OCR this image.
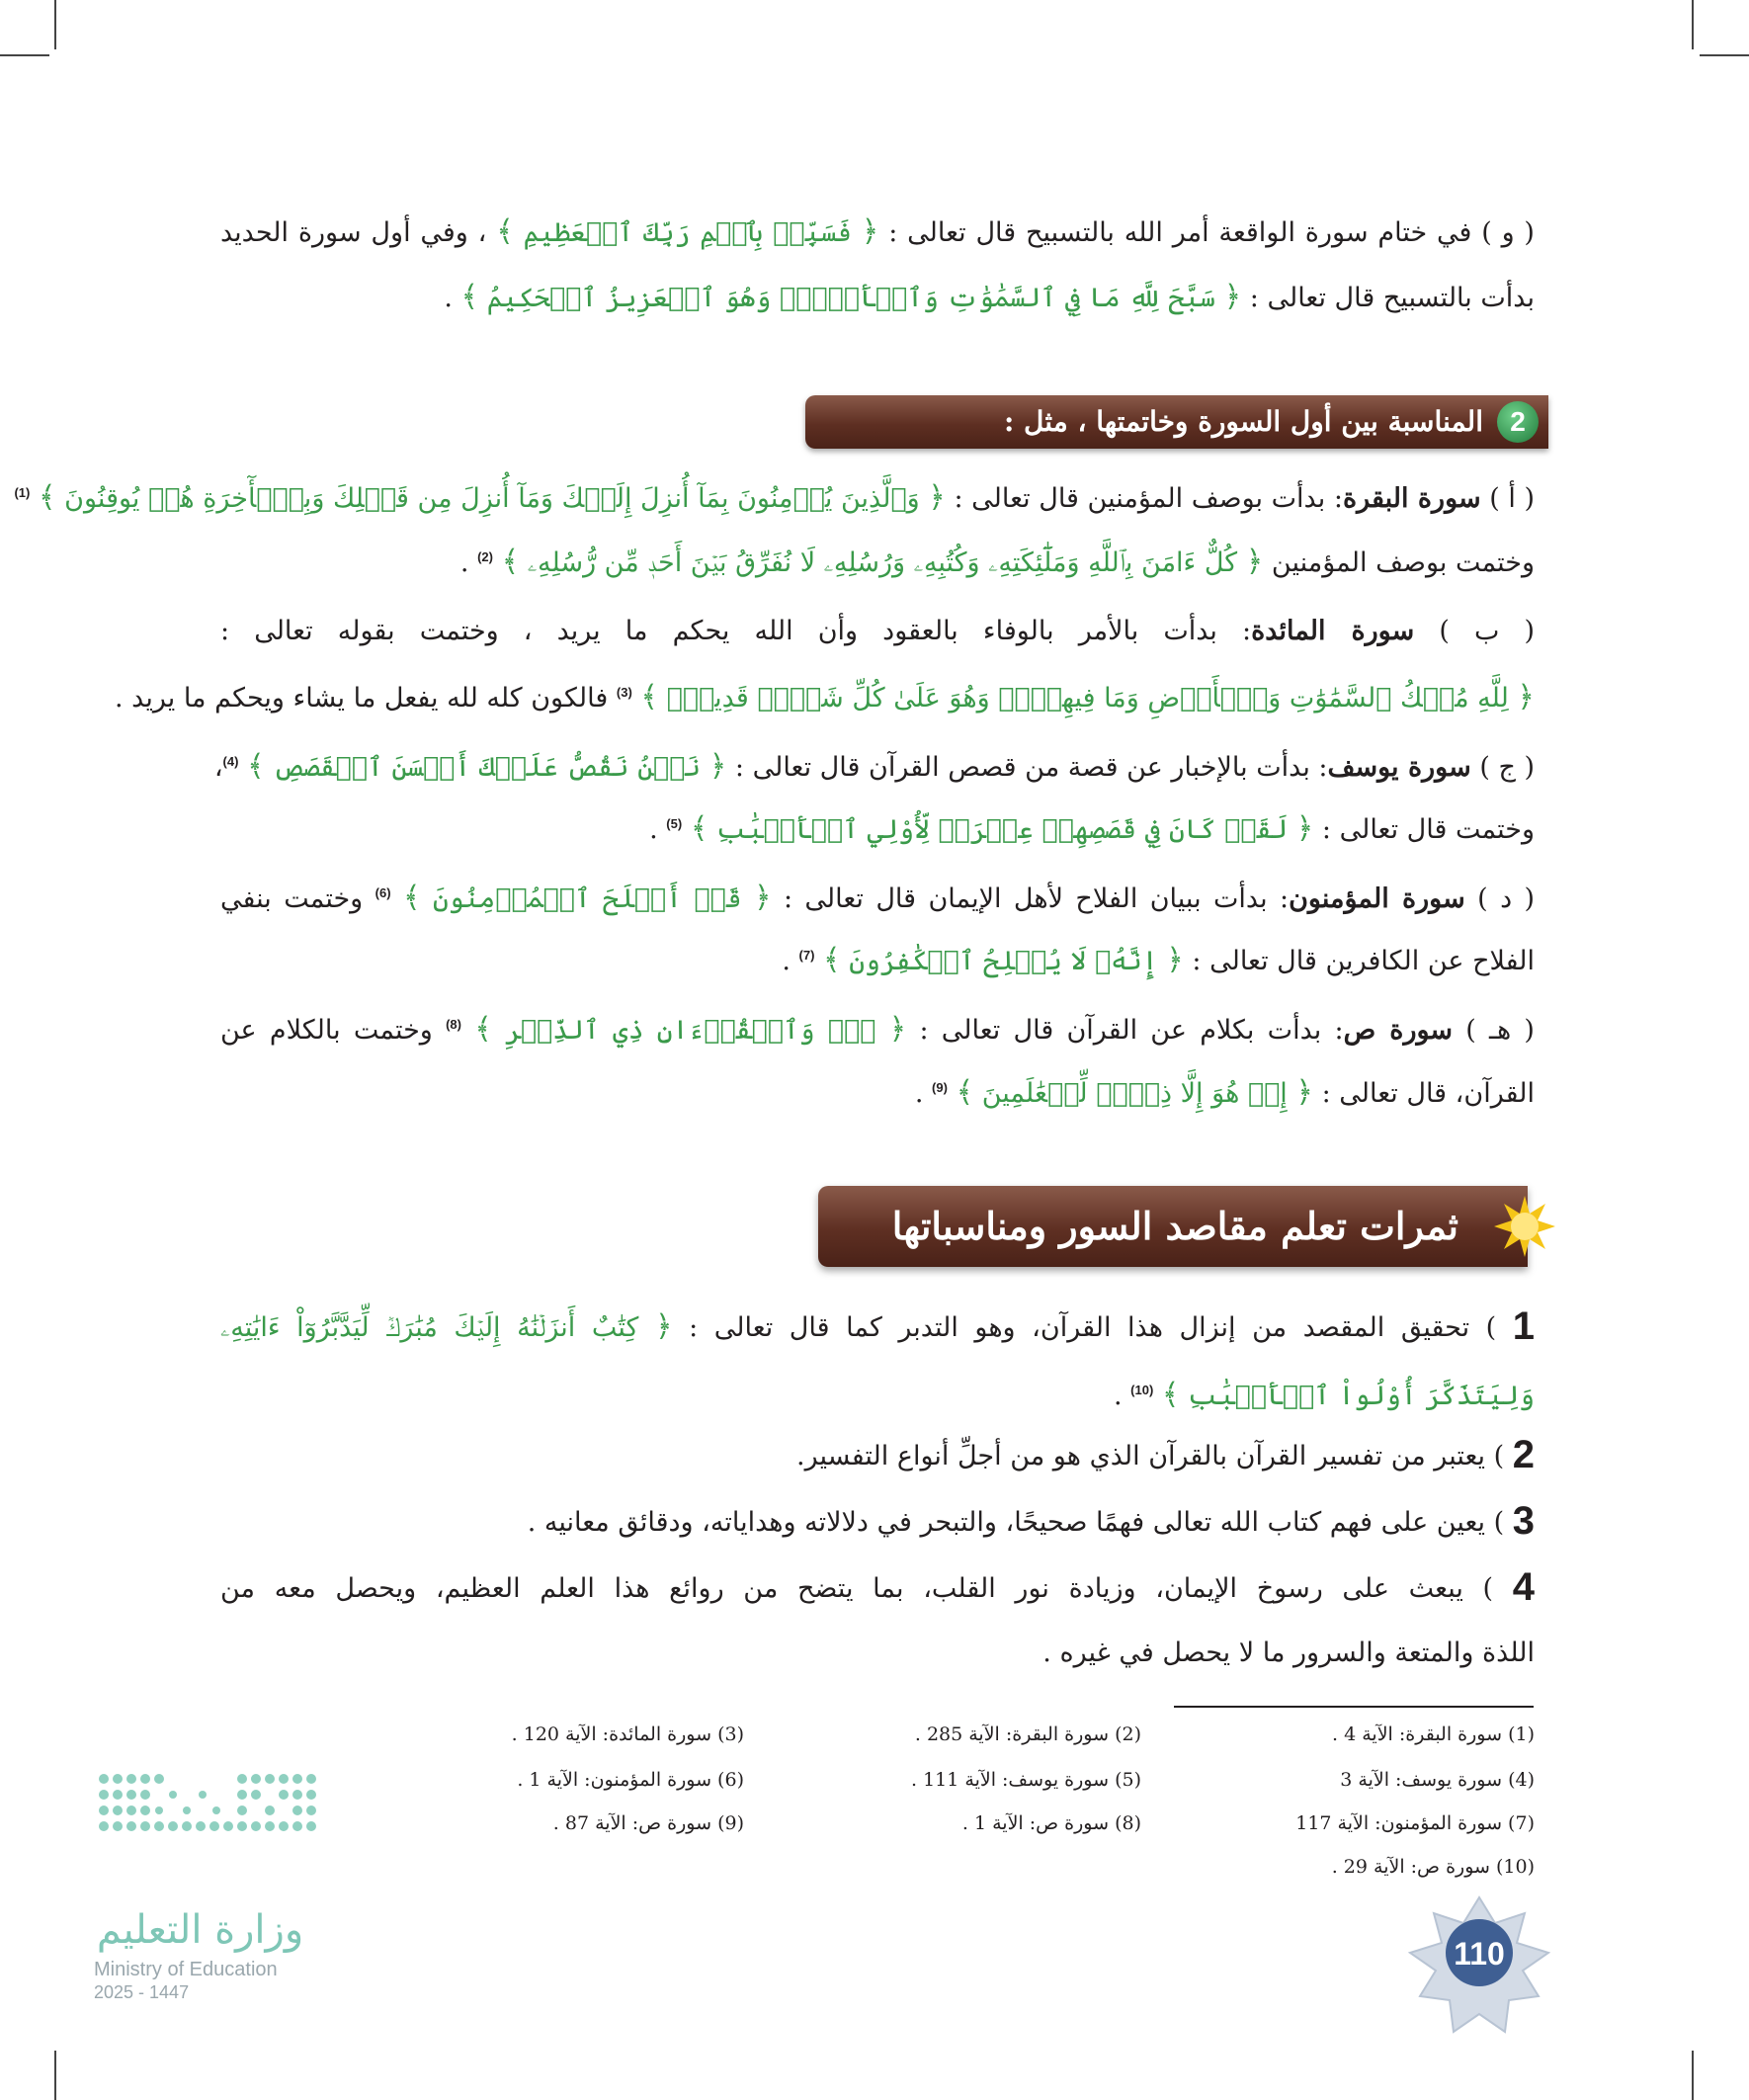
( و ) في ختام سورة الواقعة أمر الله بالتسبيح قال تعالى : ﴿ فَسَبِّحۡ بِٱسۡمِ رَبِّكَ ٱلۡعَظِيمِ ﴾ ، وفي أول سورة الحديد
بدأت بالتسبيح قال تعالى : ﴿ سَبَّحَ لِلَّهِ مَا فِي ٱلسَّمَٰوَٰتِ وَٱلۡأَرۡضِۖ وَهُوَ ٱلۡعَزِيزُ ٱلۡحَكِيمُ ﴾ .
2
المناسبة بين أول السورة وخاتمتها ، مثل :
( أ ) سورة البقرة: بدأت بوصف المؤمنين قال تعالى : ﴿ وَٱلَّذِينَ يُؤۡمِنُونَ بِمَآ أُنزِلَ إِلَيۡكَ وَمَآ أُنزِلَ مِن قَبۡلِكَ وَبِٱلۡأٓخِرَةِ هُمۡ يُوقِنُونَ ﴾ $^{(1)}$
وختمت بوصف المؤمنين ﴿ كُلٌّ ءَامَنَ بِٱللَّهِ وَمَلَٰٓئِكَتِهِۦ وَكُتُبِهِۦ وَرُسُلِهِۦ لَا نُفَرِّقُ بَيۡنَ أَحَدٖ مِّن رُّسُلِهِۦ ﴾ $^{(2)}$ .
( ب ) سورة المائدة: بدأت بالأمر بالوفاء بالعقود وأن الله يحكم ما يريد ، وختمت بقوله تعالى :
﴿ لِلَّهِ مُلۡكُ ٱلسَّمَٰوَٰتِ وَٱلۡأَرۡضِ وَمَا فِيهِنَّۚ وَهُوَ عَلَىٰ كُلِّ شَيۡءٖ قَدِيرُۢ ﴾ $^{(3)}$ فالكون كله لله يفعل ما يشاء ويحكم ما يريد .
( ج ) سورة يوسف: بدأت بالإخبار عن قصة من قصص القرآن قال تعالى : ﴿ نَحۡنُ نَقُصُّ عَلَيۡكَ أَحۡسَنَ ٱلۡقَصَصِ ﴾ $^{(4)}$،
وختمت قال تعالى : ﴿ لَقَدۡ كَانَ فِي قَصَصِهِمۡ عِبۡرَةٞ لِّأُوْلِي ٱلۡأَلۡبَٰبِ ﴾ $^{(5)}$ .
( د ) سورة المؤمنون: بدأت ببيان الفلاح لأهل الإيمان قال تعالى : ﴿ قَدۡ أَفۡلَحَ ٱلۡمُؤۡمِنُونَ ﴾ $^{(6)}$ وختمت بنفي
الفلاح عن الكافرين قال تعالى : ﴿ إِنَّهُۥ لَا يُفۡلِحُ ٱلۡكَٰفِرُونَ ﴾ $^{(7)}$ .
( هـ ) سورة ص: بدأت بكلام عن القرآن قال تعالى : ﴿ صٓۚ وَٱلۡقُرۡءَانِ ذِي ٱلذِّكۡرِ ﴾ $^{(8)}$ وختمت بالكلام عن
القرآن، قال تعالى : ﴿ إِنۡ هُوَ إِلَّا ذِكۡرٞ لِّلۡعَٰلَمِينَ ﴾ $^{(9)}$ .
ثمرات تعلم مقاصد السور ومناسباتها
1 ) تحقيق المقصد من إنزال هذا القرآن، وهو التدبر كما قال تعالى : ﴿ كِتَٰبٌ أَنزَلۡنَٰهُ إِلَيۡكَ مُبَٰرَكٞ لِّيَدَّبَّرُوٓاْ ءَايَٰتِهِۦ
وَلِيَتَذَكَّرَ أُوْلُواْ ٱلۡأَلۡبَٰبِ ﴾ $^{(10)}$ .
2 ) يعتبر من تفسير القرآن بالقرآن الذي هو من أجلِّ أنواع التفسير.
3 ) يعين على فهم كتاب الله تعالى فهمًا صحيحًا، والتبحر في دلالاته وهداياته، ودقائق معانيه .
4 ) يبعث على رسوخ الإيمان، وزيادة نور القلب، بما يتضح من روائع هذا العلم العظيم، ويحصل معه من
اللذة والمتعة والسرور ما لا يحصل في غيره .
(1) سورة البقرة: الآية 4 .
(2) سورة البقرة: الآية 285 .
(3) سورة المائدة: الآية 120 .
(4) سورة يوسف: الآية 3
(5) سورة يوسف: الآية 111 .
(6) سورة المؤمنون: الآية 1 .
(7) سورة المؤمنون: الآية 117
(8) سورة ص: الآية 1 .
(9) سورة ص: الآية 87 .
(10) سورة ص: الآية 29 .
وزارة التعليم
Ministry of Education
2025 - 1447
110
